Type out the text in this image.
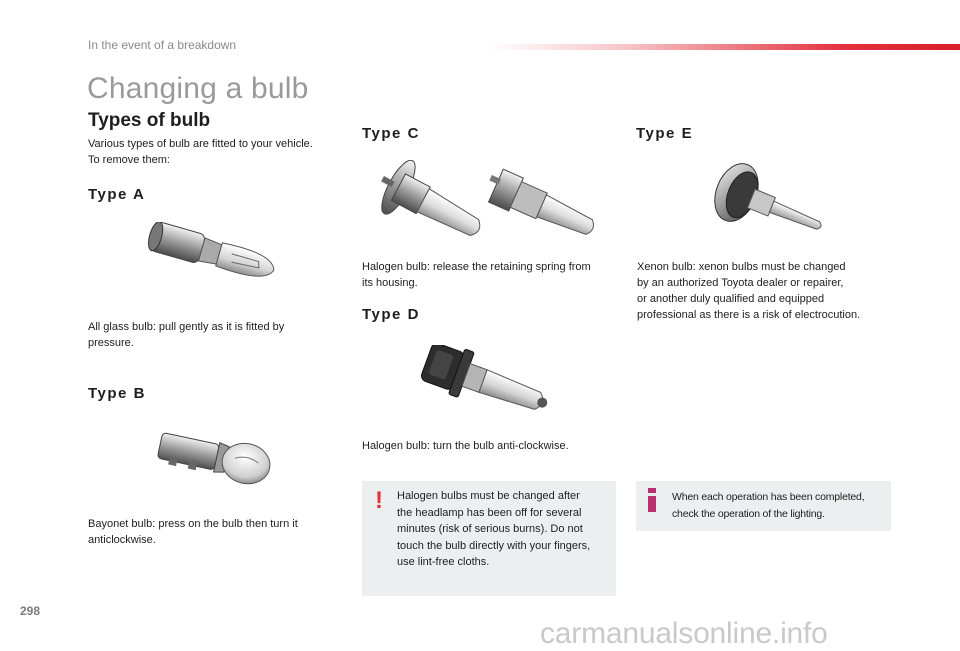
In the event of a breakdown
Changing a bulb
Types of bulb
Various types of bulb are fitted to your vehicle.
To remove them:
Type A
All glass bulb: pull gently as it is fitted by
pressure.
Type B
Bayonet bulb: press on the bulb then turn it
anticlockwise.
Type C
Halogen bulb: release the retaining spring from
its housing.
Type D
Halogen bulb: turn the bulb anti-clockwise.
! Halogen bulbs must be changed after
the headlamp has been off for several
minutes (risk of serious burns). Do not
touch the bulb directly with your fingers,
use lint-free cloths.
Type E
Xenon bulb: xenon bulbs must be changed
by an authorized Toyota dealer or repairer,
or another duly qualified and equipped
professional as there is a risk of electrocution.
When each operation has been completed,
check the operation of the lighting.
298
carmanualsonline.info
